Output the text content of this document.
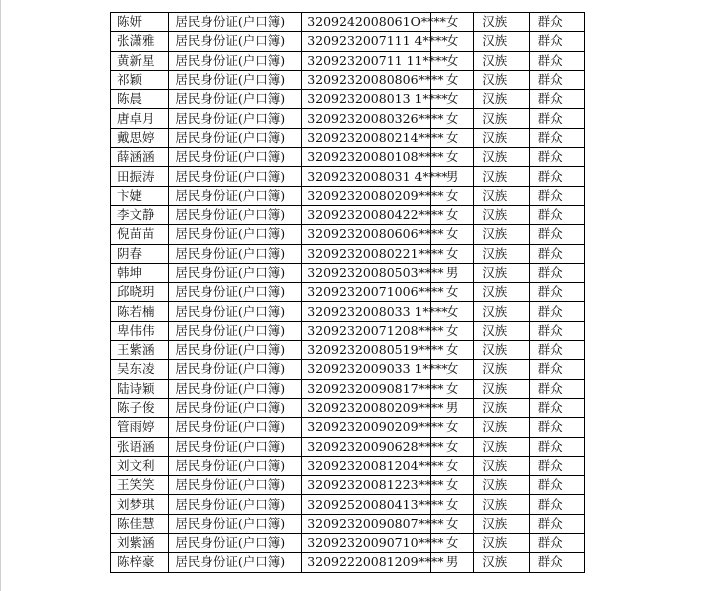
陈妍	居民身份证(户口簿)	3209242008061O****	女	汉族	群众
张潇雅	居民身份证(户口簿)	3209232007111 4****	女	汉族	群众
黄新星	居民身份证(户口簿)	320923200711 11****	女	汉族	群众
祁颖	居民身份证(户口簿)	32092320080806****	女	汉族	群众
陈晨	居民身份证(户口簿)	3209232008013 1****	女	汉族	群众
唐卓月	居民身份证(户口簿)	32092320080326****	女	汉族	群众
戴思婷	居民身份证(户口簿)	32092320080214****	女	汉族	群众
薛涵涵	居民身份证(户口簿)	32092320080108****	女	汉族	群众
田振涛	居民身份证(户口簿)	3209232008031 4****	男	汉族	群众
卞婕	居民身份证(户口簿)	32092320080209****	女	汉族	群众
李文静	居民身份证(户口簿)	32092320080422****	女	汉族	群众
倪苗苗	居民身份证(户口簿)	32092320080606****	女	汉族	群众
阴春	居民身份证(户口簿)	32092320080221****	女	汉族	群众
韩坤	居民身份证(户口簿)	32092320080503****	男	汉族	群众
邱晓玥	居民身份证(户口簿)	32092320071006****	女	汉族	群众
陈若楠	居民身份证(户口簿)	3209232008033 1****	女	汉族	群众
卑伟伟	居民身份证(户口簿)	32092320071208****	女	汉族	群众
王紫涵	居民身份证(户口簿)	32092320080519****	女	汉族	群众
吴东凌	居民身份证(户口簿)	3209232009033 1****	女	汉族	群众
陆诗颖	居民身份证(户口簿)	32092320090817****	女	汉族	群众
陈子俊	居民身份证(户口簿)	32092320080209****	男	汉族	群众
管雨婷	居民身份证(户口簿)	32092320090209****	女	汉族	群众
张语涵	居民身份证(户口簿)	32092320090628****	女	汉族	群众
刘文利	居民身份证(户口簿)	32092320081204****	女	汉族	群众
王笑笑	居民身份证(户口簿)	32092320081223****	女	汉族	群众
刘梦琪	居民身份证(户口簿)	32092520080413****	女	汉族	群众
陈佳慧	居民身份证(户口簿)	32092320090807****	女	汉族	群众
刘紫涵	居民身份证(户口簿)	32092320090710****	女	汉族	群众
陈梓豪	居民身份证(户口簿)	32092220081209****	男	汉族	群众
